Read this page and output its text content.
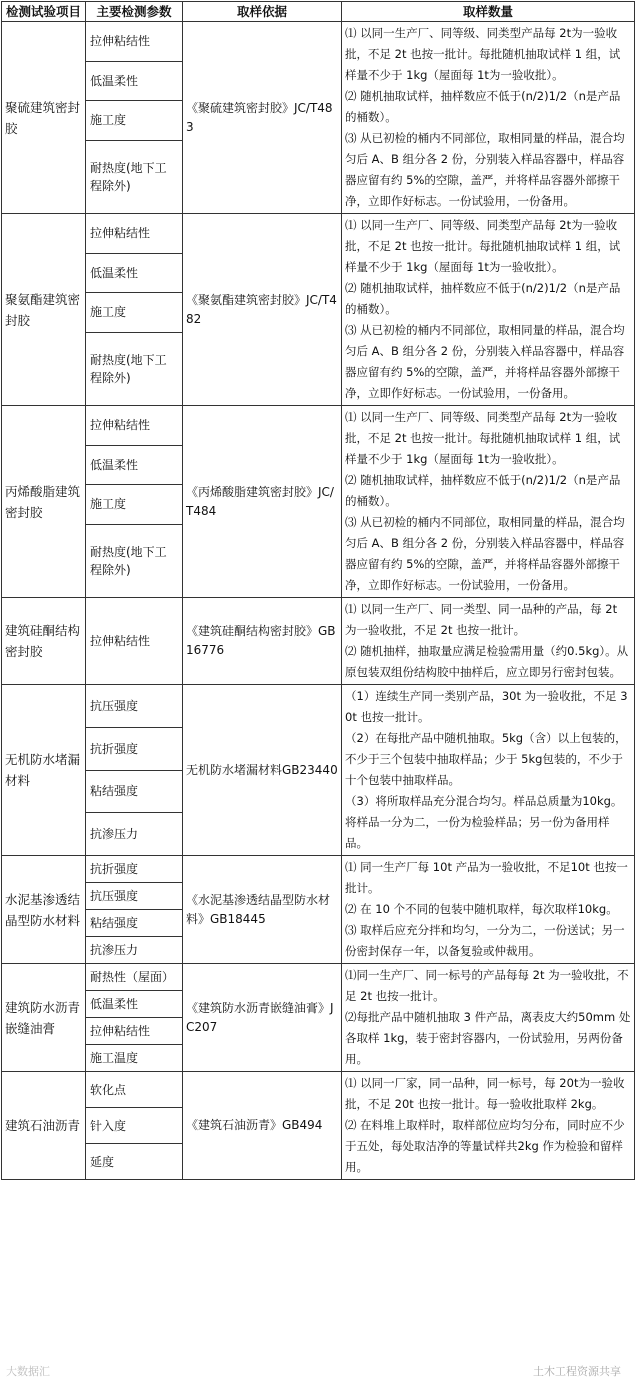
检测试验项目	主要检测参数	取样依据	取样数量
聚硫建筑密封胶	拉伸粘结性	《聚硫建筑密封胶》JC/T483	⑴ 以同一生产厂、同等级、同类型产品每 2t为一验收批，不足 2t 也按一批计。每批随机抽取试样 1 组，试样量不少于 1kg（屋面每 1t为一验收批）。
⑵ 随机抽取试样，抽样数应不低于(n/2)1/2（n是产品的桶数）。
⑶ 从已初检的桶内不同部位，取相同量的样品，混合均匀后 A、B 组分各 2 份，分别装入样品容器中，样品容器应留有约 5%的空隙，盖严，并将样品容器外部擦干净，立即作好标志。一份试验用，一份备用。

	低温柔性		
	施工度		
	耐热度(地下工程除外)		
聚氨酯建筑密封胶	拉伸粘结性	《聚氨酯建筑密封胶》JC/T482	⑴ 以同一生产厂、同等级、同类型产品每 2t为一验收批，不足 2t 也按一批计。每批随机抽取试样 1 组，试样量不少于 1kg（屋面每 1t为一验收批）。
⑵ 随机抽取试样，抽样数应不低于(n/2)1/2（n是产品的桶数）。
⑶ 从已初检的桶内不同部位，取相同量的样品，混合均匀后 A、B 组分各 2 份，分别装入样品容器中，样品容器应留有约 5%的空隙，盖严，并将样品容器外部擦干净，立即作好标志。一份试验用，一份备用。

	低温柔性		
	施工度		
	耐热度(地下工程除外)		
丙烯酸脂建筑密封胶	拉伸粘结性	《丙烯酸脂建筑密封胶》JC/T484	⑴ 以同一生产厂、同等级、同类型产品每 2t为一验收批，不足 2t 也按一批计。每批随机抽取试样 1 组，试样量不少于 1kg（屋面每 1t为一验收批）。
⑵ 随机抽取试样，抽样数应不低于(n/2)1/2（n是产品的桶数）。
⑶ 从已初检的桶内不同部位，取相同量的样品，混合均匀后 A、B 组分各 2 份，分别装入样品容器中，样品容器应留有约 5%的空隙，盖严，并将样品容器外部擦干净，立即作好标志。一份试验用，一份备用。

	低温柔性		
	施工度		
	耐热度(地下工程除外)		
建筑硅酮结构密封胶	拉伸粘结性	《建筑硅酮结构密封胶》GB16776	⑴ 以同一生产厂、同一类型、同一品种的产品，每 2t 为一验收批，不足 2t 也按一批计。
⑵ 随机抽样，抽取量应满足检验需用量（约0.5kg）。从原包装双组份结构胶中抽样后，应立即另行密封包装。

无机防水堵漏材料	抗压强度	无机防水堵漏材料GB23440	（1）连续生产同一类别产品，30t 为一验收批，不足 30t 也按一批计。
（2）在每批产品中随机抽取。5kg（含）以上包装的，不少于三个包装中抽取样品；少于 5kg包装的，不少于十个包装中抽取样品。
（3）将所取样品充分混合均匀。样品总质量为10kg。将样品一分为二，一份为检验样品；另一份为备用样品。

	抗折强度		
	粘结强度		
	抗渗压力		
水泥基渗透结晶型防水材料	抗折强度	《水泥基渗透结晶型防水材料》GB18445	⑴ 同一生产厂每 10t 产品为一验收批，不足10t 也按一批计。
⑵ 在 10 个不同的包装中随机取样，每次取样10kg。
⑶ 取样后应充分拌和均匀，一分为二，一份送试；另一份密封保存一年，以备复验或仲裁用。

	抗压强度		
	粘结强度		
	抗渗压力		
建筑防水沥青嵌缝油膏	耐热性（屋面）	《建筑防水沥青嵌缝油膏》JC207	⑴同一生产厂、同一标号的产品每每 2t 为一验收批，不足 2t 也按一批计。
⑵每批产品中随机抽取 3 件产品，离表皮大约50mm 处各取样 1kg，装于密封容器内，一份试验用，另两份备用。

	低温柔性		
	拉伸粘结性		
	施工温度		
建筑石油沥青	软化点	《建筑石油沥青》GB494	⑴ 以同一厂家，同一品种，同一标号，每 20t为一验收批，不足 20t 也按一批计。每一验收批取样 2kg。
⑵ 在料堆上取样时，取样部位应均匀分布，同时应不少于五处，每处取洁净的等量试样共2kg 作为检验和留样用。

	针入度		
	延度		
大数据汇	土木工程资源共享
